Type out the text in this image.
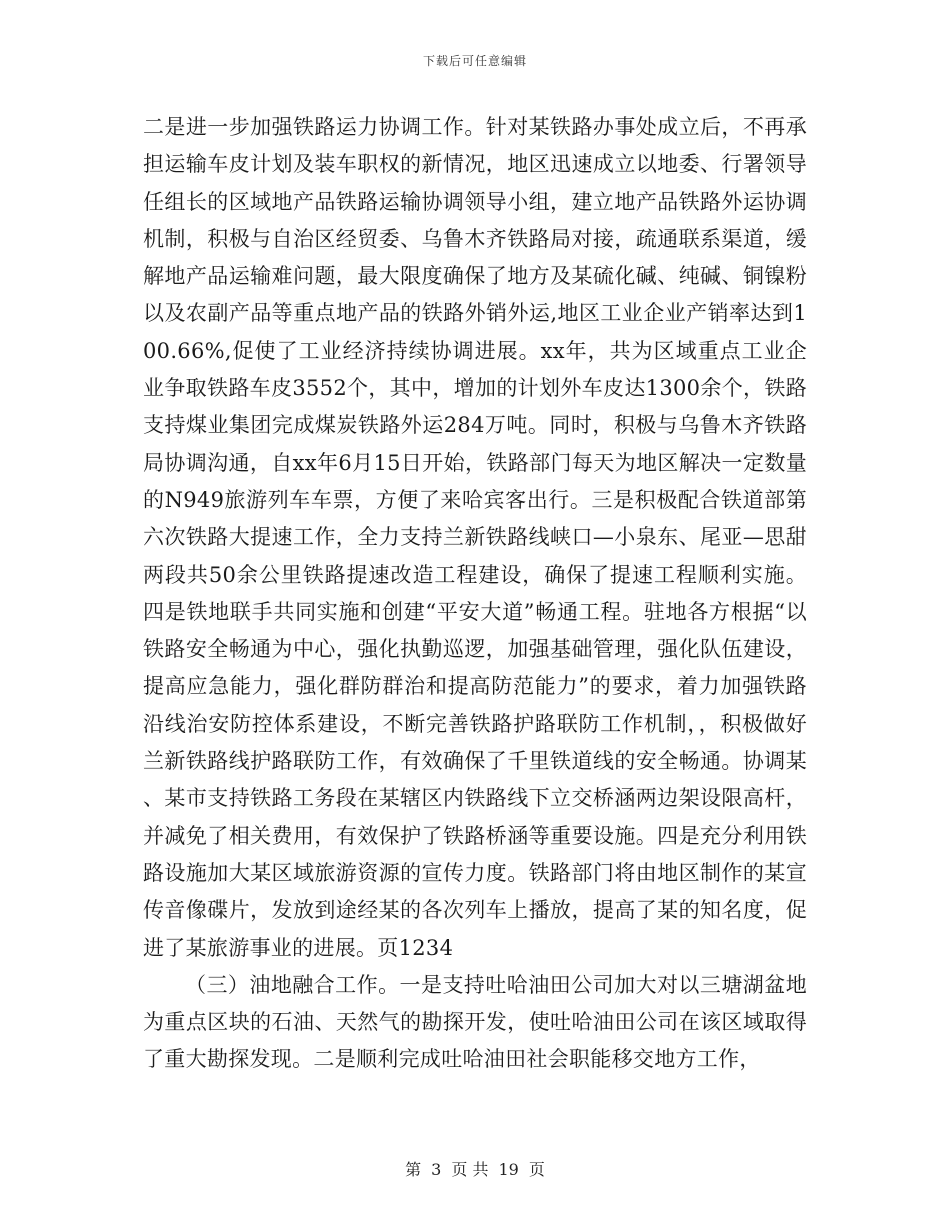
下载后可任意编辑

二是进一步加强铁路运力协调工作。针对某铁路办事处成立后，不再承担运输车皮计划及装车职权的新情况，地区迅速成立以地委、行署领导任组长的区域地产品铁路运输协调领导小组，建立地产品铁路外运协调机制，积极与自治区经贸委、乌鲁木齐铁路局对接，疏通联系渠道，缓解地产品运输难问题，最大限度确保了地方及某硫化碱、纯碱、铜镍粉以及农副产品等重点地产品的铁路外销外运,地区工业企业产销率达到100.66%,促使了工业经济持续协调进展。xx年，共为区域重点工业企业争取铁路车皮3552个，其中，增加的计划外车皮达1300余个，铁路支持煤业集团完成煤炭铁路外运284万吨。同时，积极与乌鲁木齐铁路局协调沟通，自xx年6月15日开始，铁路部门每天为地区解决一定数量的N949旅游列车车票，方便了来哈宾客出行。三是积极配合铁道部第六次铁路大提速工作，全力支持兰新铁路线峡口—小泉东、尾亚—思甜两段共50余公里铁路提速改造工程建设，确保了提速工程顺利实施。四是铁地联手共同实施和创建“平安大道”畅通工程。驻地各方根据“以铁路安全畅通为中心，强化执勤巡逻，加强基础管理，强化队伍建设，提高应急能力，强化群防群治和提高防范能力”的要求，着力加强铁路沿线治安防控体系建设，不断完善铁路护路联防工作机制，，积极做好兰新铁路线护路联防工作，有效确保了千里铁道线的安全畅通。协调某、某市支持铁路工务段在某辖区内铁路线下立交桥涵两边架设限高杆，并减免了相关费用，有效保护了铁路桥涵等重要设施。四是充分利用铁路设施加大某区域旅游资源的宣传力度。铁路部门将由地区制作的某宣传音像碟片，发放到途经某的各次列车上播放，提高了某的知名度，促进了某旅游事业的进展。页1234

（三）油地融合工作。一是支持吐哈油田公司加大对以三塘湖盆地为重点区块的石油、天然气的勘探开发，使吐哈油田公司在该区域取得了重大勘探发现。二是顺利完成吐哈油田社会职能移交地方工作，

第 3 页 共 19 页
